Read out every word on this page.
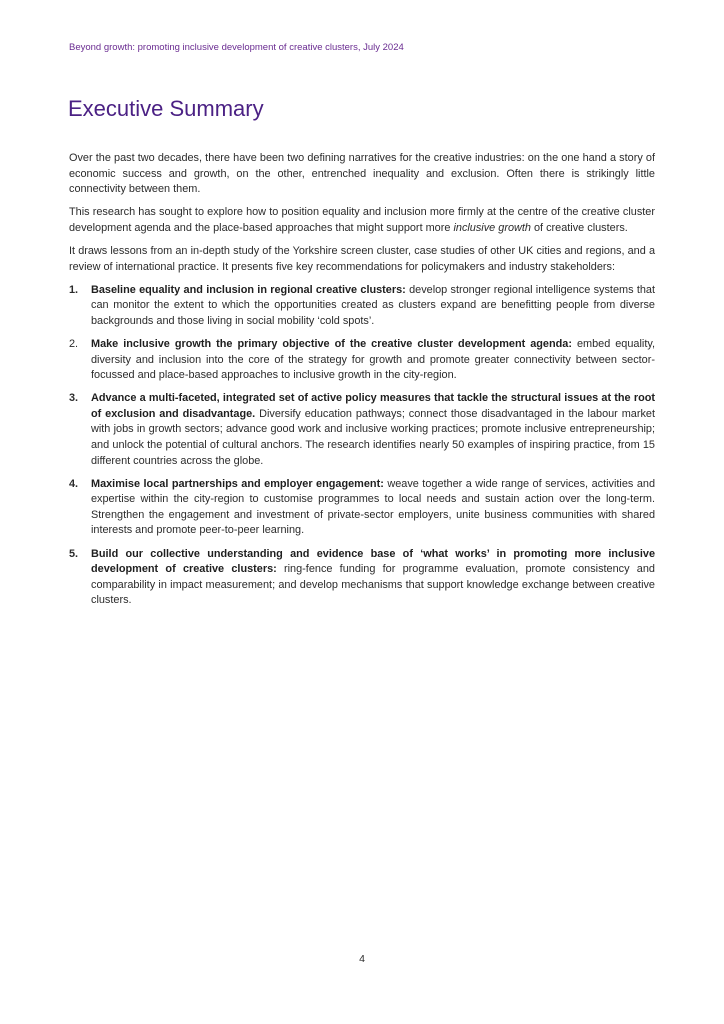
Beyond growth: promoting inclusive development of creative clusters, July 2024
Executive Summary

Over the past two decades, there have been two defining narratives for the creative industries: on the one hand a story of economic success and growth, on the other, entrenched inequality and exclusion. Often there is strikingly little connectivity between them.

This research has sought to explore how to position equality and inclusion more firmly at the centre of the creative cluster development agenda and the place-based approaches that might support more inclusive growth of creative clusters.

It draws lessons from an in-depth study of the Yorkshire screen cluster, case studies of other UK cities and regions, and a review of international practice. It presents five key recommendations for policymakers and industry stakeholders:

1. Baseline equality and inclusion in regional creative clusters: develop stronger regional intelligence systems that can monitor the extent to which the opportunities created as clusters expand are benefitting people from diverse backgrounds and those living in social mobility ‘cold spots’.
2. Make inclusive growth the primary objective of the creative cluster development agenda: embed equality, diversity and inclusion into the core of the strategy for growth and promote greater connectivity between sector-focussed and place-based approaches to inclusive growth in the city-region.
3. Advance a multi-faceted, integrated set of active policy measures that tackle the structural issues at the root of exclusion and disadvantage. Diversify education pathways; connect those disadvantaged in the labour market with jobs in growth sectors; advance good work and inclusive working practices; promote inclusive entrepreneurship; and unlock the potential of cultural anchors. The research identifies nearly 50 examples of inspiring practice, from 15 different countries across the globe.
4. Maximise local partnerships and employer engagement: weave together a wide range of services, activities and expertise within the city-region to customise programmes to local needs and sustain action over the long-term. Strengthen the engagement and investment of private-sector employers, unite business communities with shared interests and promote peer-to-peer learning.
5. Build our collective understanding and evidence base of ‘what works’ in promoting more inclusive development of creative clusters: ring-fence funding for programme evaluation, promote consistency and comparability in impact measurement; and develop mechanisms that support knowledge exchange between creative clusters.
4
